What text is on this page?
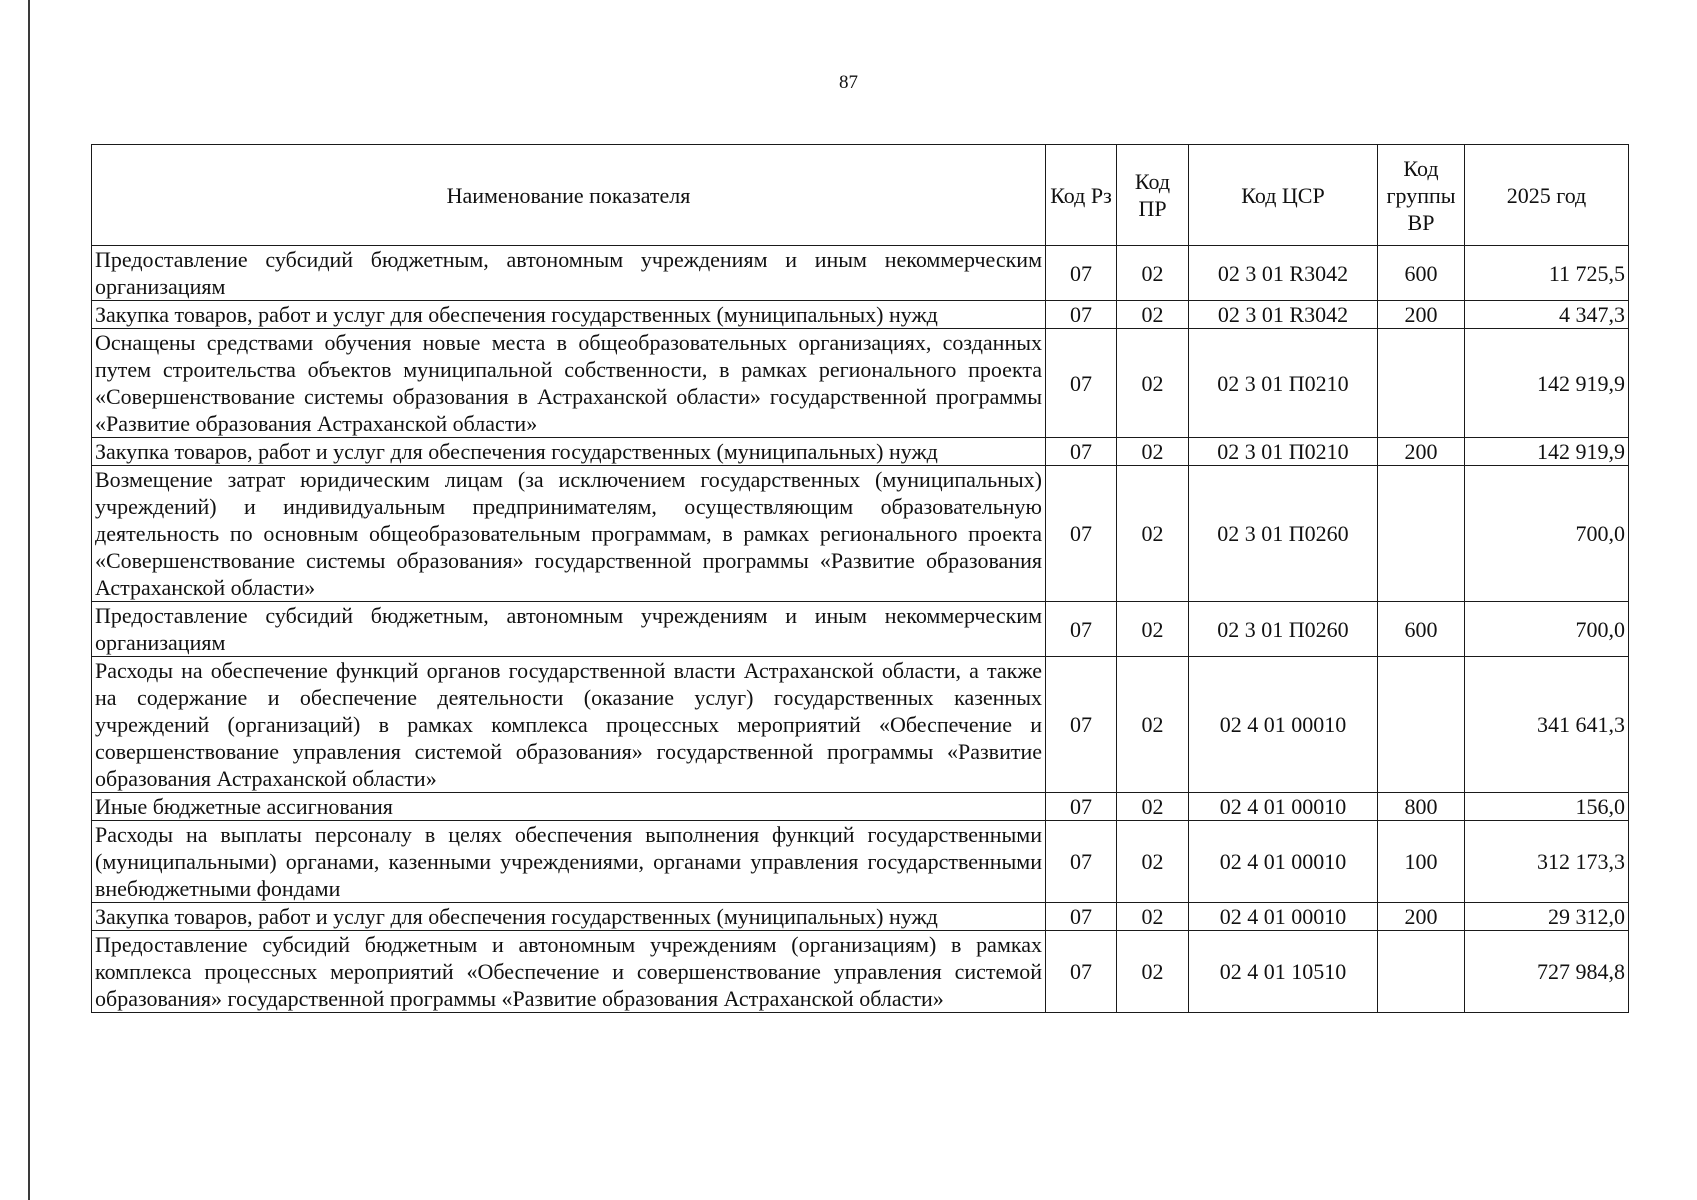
87
Наименование показателя	Код Рз	Код ПР	Код ЦСР	Код группы ВР	2025 год
Предоставление субсидий бюджетным, автономным учреждениям и иным некоммерческим организациям	07	02	02 3 01 R3042	600	11 725,5
Закупка товаров, работ и услуг для обеспечения государственных (муниципальных) нужд	07	02	02 3 01 R3042	200	4 347,3
Оснащены средствами обучения новые места в общеобразовательных организациях, созданных путем строительства объектов муниципальной собственности, в рамках регионального проекта «Совершенствование системы образования в Астраханской области» государственной программы «Развитие образования Астраханской области»	07	02	02 3 01 П0210		142 919,9
Закупка товаров, работ и услуг для обеспечения государственных (муниципальных) нужд	07	02	02 3 01 П0210	200	142 919,9
Возмещение затрат юридическим лицам (за исключением государственных (муниципальных) учреждений) и индивидуальным предпринимателям, осуществляющим образовательную деятельность по основным общеобразовательным программам, в рамках регионального проекта «Совершенствование системы образования» государственной программы «Развитие образования Астраханской области»	07	02	02 3 01 П0260		700,0
Предоставление субсидий бюджетным, автономным учреждениям и иным некоммерческим организациям	07	02	02 3 01 П0260	600	700,0
Расходы на обеспечение функций органов государственной власти Астраханской области, а также на содержание и обеспечение деятельности (оказание услуг) государственных казенных учреждений (организаций) в рамках комплекса процессных мероприятий «Обеспечение и совершенствование управления системой образования» государственной программы «Развитие образования Астраханской области»	07	02	02 4 01 00010		341 641,3
Иные бюджетные ассигнования	07	02	02 4 01 00010	800	156,0
Расходы на выплаты персоналу в целях обеспечения выполнения функций государственными (муниципальными) органами, казенными учреждениями, органами управления государственными внебюджетными фондами	07	02	02 4 01 00010	100	312 173,3
Закупка товаров, работ и услуг для обеспечения государственных (муниципальных) нужд	07	02	02 4 01 00010	200	29 312,0
Предоставление субсидий бюджетным и автономным учреждениям (организациям) в рамках комплекса процессных мероприятий «Обеспечение и совершенствование управления системой образования» государственной программы «Развитие образования Астраханской области»	07	02	02 4 01 10510		727 984,8
